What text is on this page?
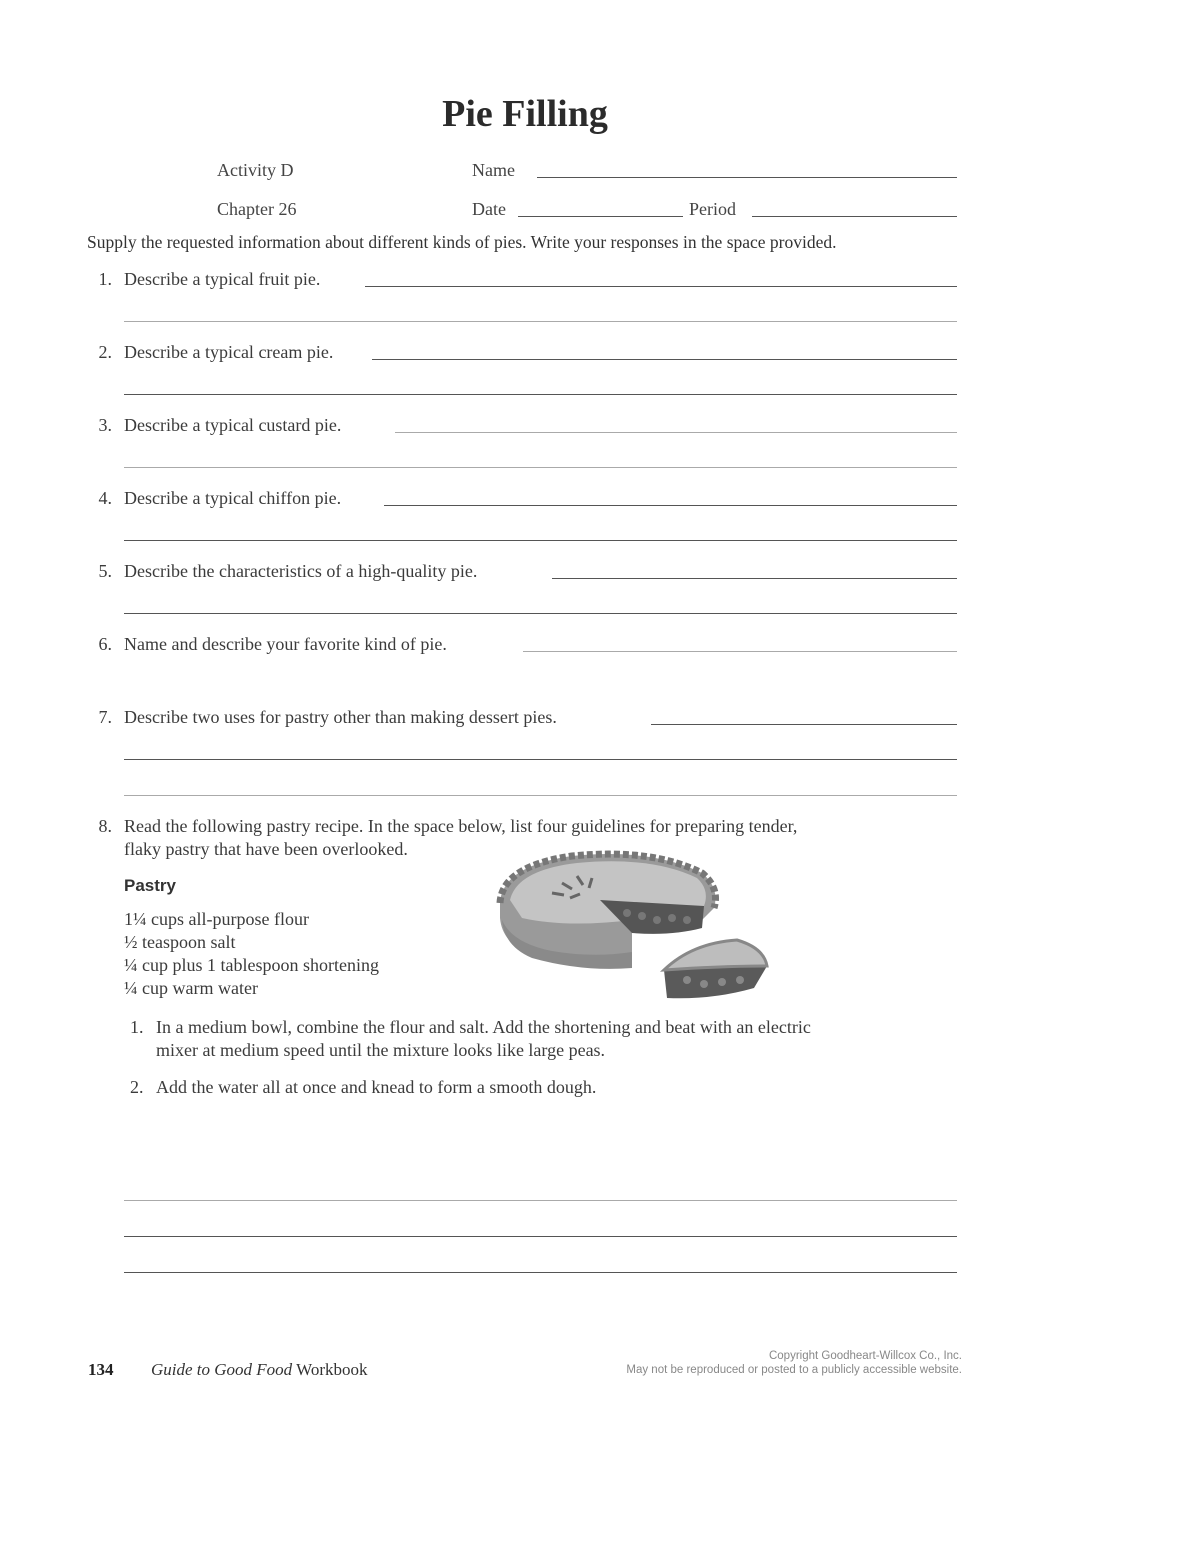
Pie Filling
Activity D	Name
Chapter 26	Date	Period
Supply the requested information about different kinds of pies. Write your responses in the space provided.
1. Describe a typical fruit pie.
2. Describe a typical cream pie.
3. Describe a typical custard pie.
4. Describe a typical chiffon pie.
5. Describe the characteristics of a high-quality pie.
6. Name and describe your favorite kind of pie.
7. Describe two uses for pastry other than making dessert pies.
8. Read the following pastry recipe. In the space below, list four guidelines for preparing tender,
flaky pastry that have been overlooked.
Pastry
1¼ cups all-purpose flour
½ teaspoon salt
¼ cup plus 1 tablespoon shortening
¼ cup warm water
1. In a medium bowl, combine the flour and salt. Add the shortening and beat with an electric
mixer at medium speed until the mixture looks like large peas.
2. Add the water all at once and knead to form a smooth dough.
134 Guide to Good Food Workbook
Copyright Goodheart-Willcox Co., Inc.
May not be reproduced or posted to a publicly accessible website.
